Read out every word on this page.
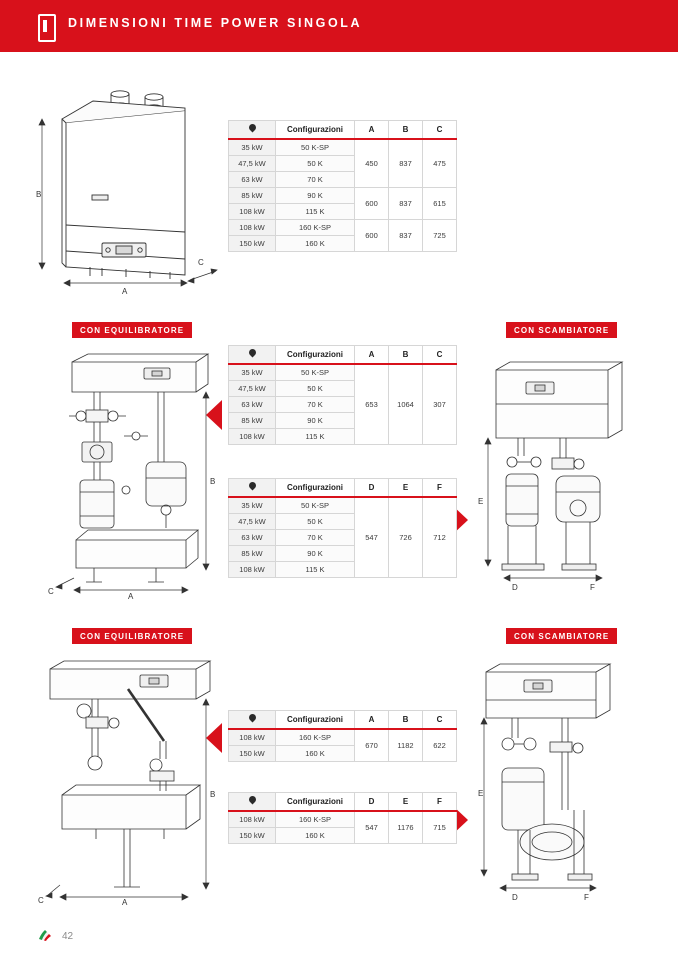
DIMENSIONI TIME POWER SINGOLA
B
A
C
	Configurazioni	A	B	C
35 kW	50 K-SP	450	837	475
47,5 kW	50 K			
63 kW	70 K			
85 kW	90 K	600	837	615
108 kW	115 K			
108 kW	160 K-SP	600	837	725
150 kW	160 K			
CON EQUILIBRATORE	CON SCAMBIATORE
B
A
C
	Configurazioni	A	B	C
35 kW	50 K-SP	653	1064	307
47,5 kW	50 K			
63 kW	70 K			
85 kW	90 K			
108 kW	115 K			
	Configurazioni	D	E	F
35 kW	50 K-SP	547	726	712
47,5 kW	50 K			
63 kW	70 K			
85 kW	90 K			
108 kW	115 K			
E
D	F
CON EQUILIBRATORE	CON SCAMBIATORE
B
A
C
	Configurazioni	A	B	C
108 kW	160 K-SP	670	1182	622
150 kW	160 K			
	Configurazioni	D	E	F
108 kW	160 K-SP	547	1176	715
150 kW	160 K			
E
D	F
42
